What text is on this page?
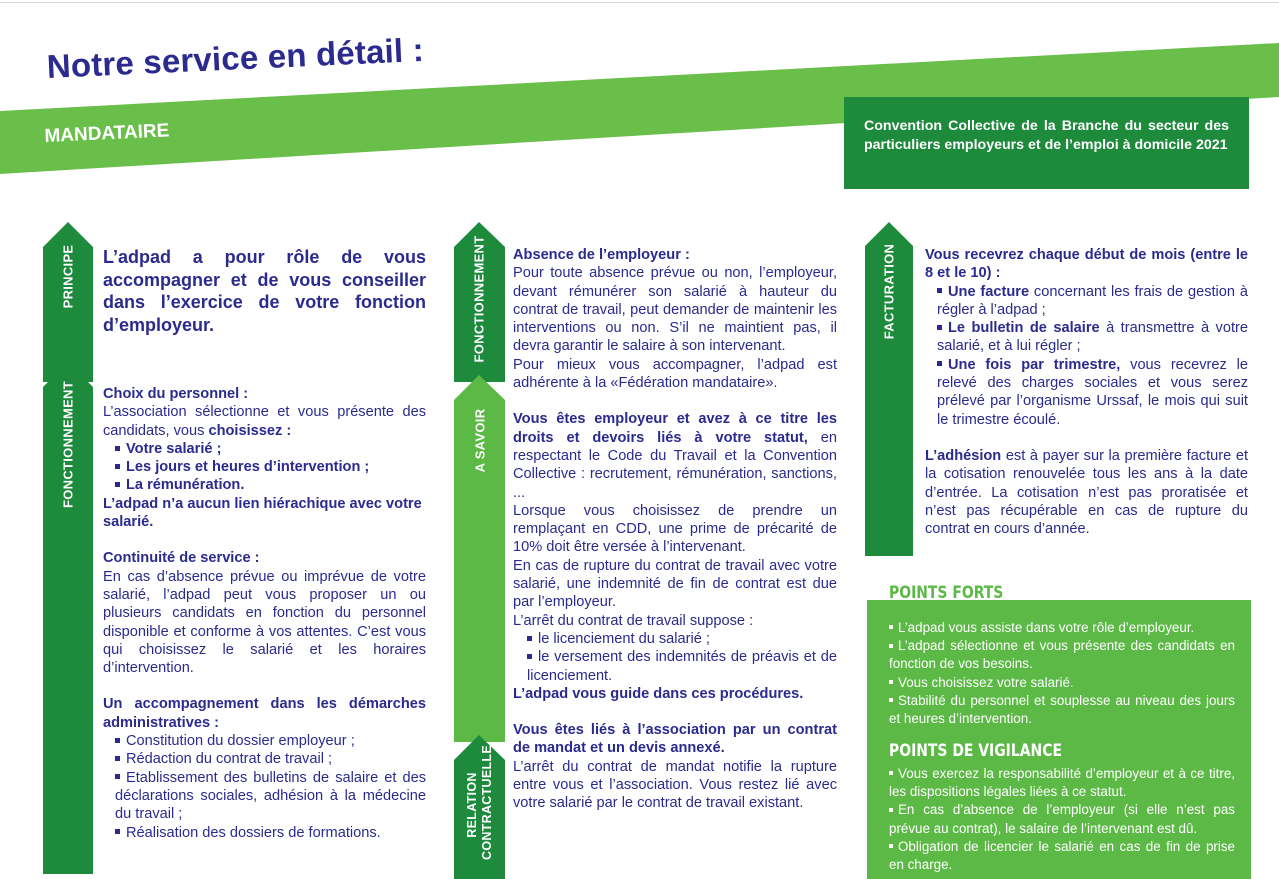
Notre service en détail :
MANDATAIRE	Convention Collective de la Branche du secteur des particuliers employeurs et de l’emploi à domicile 2021
PRINCIPE
FONCTIONNEMENT
FONCTIONNEMENT
A SAVOIR
RELATION CONTRACTUELLE
FACTURATION

L’adpad a pour rôle de vous accompagner et de vous conseiller dans l’exercice de votre fonction d’employeur.

Choix du personnel :

L’association sélectionne et vous présente des candidats, vous choisissez :

Votre salarié ;

Les jours et heures d’intervention ;

La rémunération.

L’adpad n’a aucun lien hiérachique avec votre salarié.

Continuité de service :

En cas d’absence prévue ou imprévue de votre salarié, l’adpad peut vous proposer un ou plusieurs candidats en fonction du personnel disponible et conforme à vos attentes. C’est vous qui choisissez le salarié et les horaires d’intervention.

Un accompagnement dans les démarches administratives :

Constitution du dossier employeur ;

Rédaction du contrat de travail ;

Etablissement des bulletins de salaire et des déclarations sociales, adhésion à la médecine du travail ;

Réalisation des dossiers de formations.

Absence de l’employeur :

Pour toute absence prévue ou non, l’employeur, devant rémunérer son salarié à hauteur du contrat de travail, peut demander de maintenir les interventions ou non. S’il ne maintient pas, il devra garantir le salaire à son intervenant.

Pour mieux vous accompagner, l’adpad est adhérente à la «Fédération mandataire».

Vous êtes employeur et avez à ce titre les droits et devoirs liés à votre statut, en respectant le Code du Travail et la Convention Collective : recrutement, rémunération, sanctions, ...

Lorsque vous choisissez de prendre un remplaçant en CDD, une prime de précarité de 10% doit être versée à l’intervenant.

En cas de rupture du contrat de travail avec votre salarié, une indemnité de fin de contrat est due par l’employeur.

L’arrêt du contrat de travail suppose :

le licenciement du salarié ;

le versement des indemnités de préavis et de licenciement.

L’adpad vous guide dans ces procédures.

Vous êtes liés à l’association par un contrat de mandat et un devis annexé.

L’arrêt du contrat de mandat notifie la rupture entre vous et l’association. Vous restez lié avec votre salarié par le contrat de travail existant.

Vous recevrez chaque début de mois (entre le 8 et le 10) :

Une facture concernant les frais de gestion à régler à l’adpad ;

Le bulletin de salaire à transmettre à votre salarié, et à lui régler ;

Une fois par trimestre, vous recevrez le relevé des charges sociales et vous serez prélevé par l’organisme Urssaf, le mois qui suit le trimestre écoulé.

L’adhésion est à payer sur la première facture et la cotisation renouvelée tous les ans à la date d’entrée. La cotisation n’est pas proratisée et n’est pas récupérable en cas de rupture du contrat en cours d’année.

POINTS FORTS
L’adpad vous assiste dans votre rôle d’employeur.
L’adpad sélectionne et vous présente des candidats en fonction de vos besoins.
Vous choisissez votre salarié.
Stabilité du personnel et souplesse au niveau des jours et heures d’intervention.
POINTS DE VIGILANCE
Vous exercez la responsabilité d’employeur et à ce titre, les dispositions légales liées à ce statut.
En cas d’absence de l’employeur (si elle n’est pas prévue au contrat), le salaire de l’intervenant est dû.
Obligation de licencier le salarié en cas de fin de prise en charge.
